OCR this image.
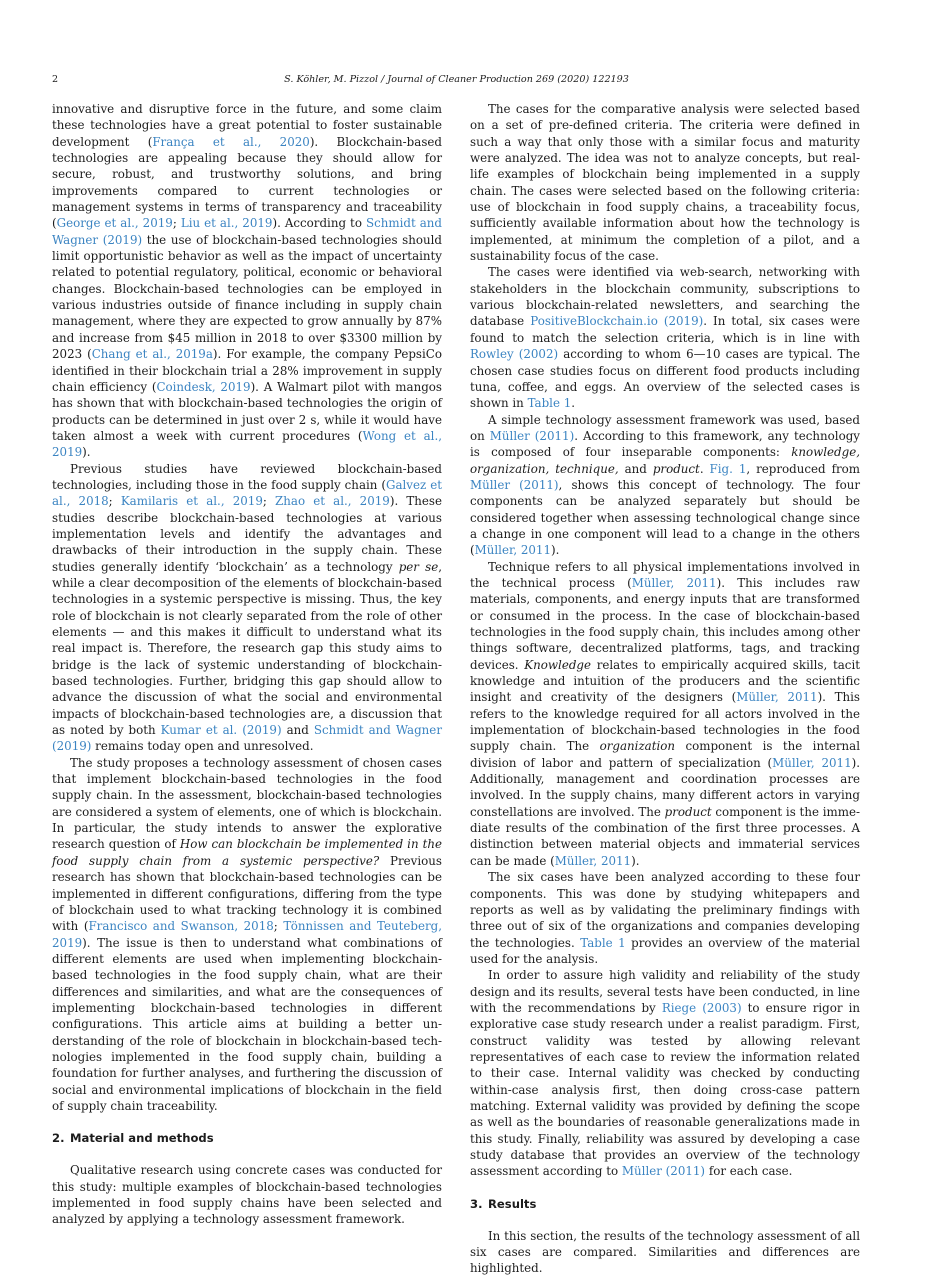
2	S. Köhler, M. Pizzol / Journal of Cleaner Production 269 (2020) 122193

innovative and disruptive force in the future, and some claim these technologies have a great potential to foster sustainable development (França et al., 2020). Blockchain-based technologies are appealing because they should allow for secure, robust, and trustworthy solutions, and bring improvements compared to current technologies or management systems in terms of transparency and traceability (George et al., 2019; Liu et al., 2019). According to Schmidt and Wagner (2019) the use of blockchain-based technologies should limit opportunistic behavior as well as the impact of uncertainty related to potential regulatory, political, economic or behavioral changes. Blockchain-based technologies can be employed in various industries outside of finance including in supply chain management, where they are expected to grow annually by 87% and increase from $45 million in 2018 to over $3300 million by 2023 (Chang et al., 2019a). For example, the company PepsiCo identified in their blockchain trial a 28% improvement in supply chain efficiency (Coindesk, 2019). A Walmart pilot with mangos has shown that with blockchain-based technologies the origin of products can be determined in just over 2 s, while it would have taken almost a week with current procedures (Wong et al., 2019).

Previous studies have reviewed blockchain-based technologies, including those in the food supply chain (Galvez et al., 2018; Kamilaris et al., 2019; Zhao et al., 2019). These studies describe blockchain-based technologies at various implementation levels and identify the advantages and drawbacks of their introduction in the supply chain. These studies generally identify ‘blockchain’ as a technology per se, while a clear decomposition of the elements of blockchain-based technologies in a systemic perspective is missing. Thus, the key role of blockchain is not clearly separated from the role of other elements — and this makes it difficult to understand what its real impact is. Therefore, the research gap this study aims to bridge is the lack of systemic understanding of blockchain-based technologies. Further, bridging this gap should allow to advance the discussion of what the social and environmental impacts of blockchain-based technologies are, a discussion that as noted by both Kumar et al. (2019) and Schmidt and Wagner (2019) remains today open and unresolved.

The study proposes a technology assessment of chosen cases that implement blockchain-based technologies in the food supply chain. In the assessment, blockchain-based technologies are considered a system of elements, one of which is blockchain. In particular, the study intends to answer the explorative research question of How can blockchain be implemented in the food supply chain from a systemic perspective? Previous research has shown that blockchain-based technologies can be implemented in different configurations, differing from the type of blockchain used to what tracking technology it is combined with (Francisco and Swanson, 2018; Tönnissen and Teuteberg, 2019). The issue is then to understand what combinations of different elements are used when implementing blockchain-based technologies in the food supply chain, what are their differences and similarities, and what are the consequences of implementing blockchain-based technologies in different configurations. This article aims at building a better understanding of the role of blockchain in blockchain-based technologies implemented in the food supply chain, building a foundation for further analyses, and furthering the discussion of social and environmental implications of blockchain in the field of supply chain traceability.

2. Material and methods

Qualitative research using concrete cases was conducted for this study: multiple examples of blockchain-based technologies implemented in food supply chains have been selected and analyzed by applying a technology assessment framework.

The cases for the comparative analysis were selected based on a set of pre-defined criteria. The criteria were defined in such a way that only those with a similar focus and maturity were analyzed. The idea was not to analyze concepts, but real-life examples of blockchain being implemented in a supply chain. The cases were selected based on the following criteria: use of blockchain in food supply chains, a traceability focus, sufficiently available information about how the technology is implemented, at minimum the completion of a pilot, and a sustainability focus of the case.

The cases were identified via web-search, networking with stakeholders in the blockchain community, subscriptions to various blockchain-related newsletters, and searching the database PositiveBlockchain.io (2019). In total, six cases were found to match the selection criteria, which is in line with Rowley (2002) according to whom 6—10 cases are typical. The chosen case studies focus on different food products including tuna, coffee, and eggs. An overview of the selected cases is shown in Table 1.

A simple technology assessment framework was used, based on Müller (2011). According to this framework, any technology is composed of four inseparable components: knowledge, organization, technique, and product. Fig. 1, reproduced from Müller (2011), shows this concept of technology. The four components can be analyzed separately but should be considered together when assessing technological change since a change in one component will lead to a change in the others (Müller, 2011).

Technique refers to all physical implementations involved in the technical process (Müller, 2011). This includes raw materials, components, and energy inputs that are transformed or consumed in the process. In the case of blockchain-based technologies in the food supply chain, this includes among other things software, decentralized platforms, tags, and tracking devices. Knowledge relates to empirically acquired skills, tacit knowledge and intuition of the producers and the scientific insight and creativity of the designers (Müller, 2011). This refers to the knowledge required for all actors involved in the implementation of blockchain-based technologies in the food supply chain. The organization component is the internal division of labor and pattern of specialization (Müller, 2011). Additionally, management and coordination processes are involved. In the supply chains, many different actors in varying constellations are involved. The product component is the immediate results of the combination of the first three processes. A distinction between material objects and immaterial services can be made (Müller, 2011).

The six cases have been analyzed according to these four components. This was done by studying whitepapers and reports as well as by validating the preliminary findings with three out of six of the organizations and companies developing the technologies. Table 1 provides an overview of the material used for the analysis.

In order to assure high validity and reliability of the study design and its results, several tests have been conducted, in line with the recommendations by Riege (2003) to ensure rigor in explorative case study research under a realist paradigm. First, construct validity was tested by allowing relevant representatives of each case to review the information related to their case. Internal validity was checked by conducting within-case analysis first, then doing cross-case pattern matching. External validity was provided by defining the scope as well as the boundaries of reasonable generalizations made in this study. Finally, reliability was assured by developing a case study database that provides an overview of the technology assessment according to Müller (2011) for each case.

3. Results

In this section, the results of the technology assessment of all six cases are compared. Similarities and differences are highlighted.
